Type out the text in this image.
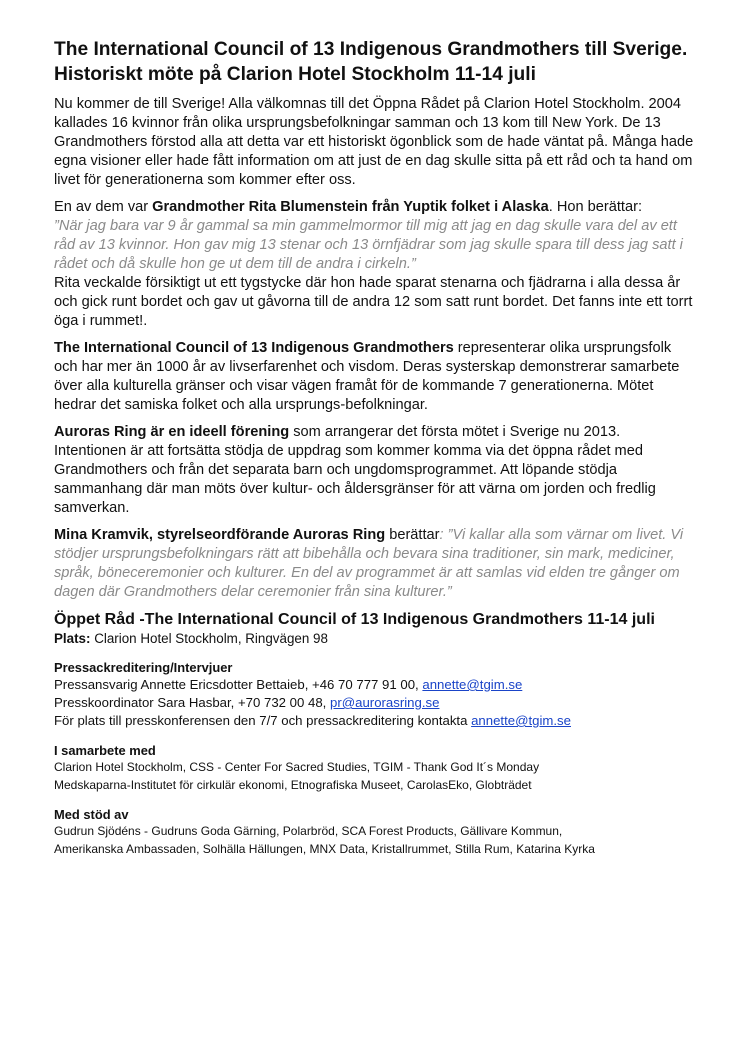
The International Council of 13 Indigenous Grandmothers till Sverige. Historiskt möte på Clarion Hotel Stockholm 11-14 juli

Nu kommer de till Sverige! Alla välkomnas till det Öppna Rådet på Clarion Hotel Stockholm. 2004 kallades 16 kvinnor från olika ursprungsbefolkningar samman och 13 kom till New York. De 13 Grandmothers förstod alla att detta var ett historiskt ögonblick som de hade väntat på. Många hade egna visioner eller hade fått information om att just de en dag skulle sitta på ett råd och ta hand om livet för generationerna som kommer efter oss.

En av dem var Grandmother Rita Blumenstein från Yuptik folket i Alaska. Hon berättar:

”När jag bara var 9 år gammal sa min gammelmormor till mig att jag en dag skulle vara del av ett råd av 13 kvinnor. Hon gav mig 13 stenar och 13 örnfjädrar som jag skulle spara till dess jag satt i rådet och då skulle hon ge ut dem till de andra i cirkeln.”

Rita veckalde försiktigt ut ett tygstycke där hon hade sparat stenarna och fjädrarna i alla dessa år och gick runt bordet och gav ut gåvorna till de andra 12 som satt runt bordet. Det fanns inte ett torrt öga i rummet!.

The International Council of 13 Indigenous Grandmothers representerar olika ursprungsfolk och har mer än 1000 år av livserfarenhet och visdom. Deras systerskap demonstrerar samarbete över alla kulturella gränser och visar vägen framåt för de kommande 7 generationerna. Mötet hedrar det samiska folket och alla ursprungs-befolkningar.

Auroras Ring är en ideell förening som arrangerar det första mötet i Sverige nu 2013. Intentionen är att fortsätta stödja de uppdrag som kommer komma via det öppna rådet med Grandmothers och från det separata barn och ungdomsprogrammet. Att löpande stödja sammanhang där man möts över kultur- och åldersgränser för att värna om jorden och fredlig samverkan.

Mina Kramvik, styrelseordförande Auroras Ring berättar: ”Vi kallar alla som värnar om livet. Vi stödjer ursprungsbefolkningars rätt att bibehålla och bevara sina traditioner, sin mark, mediciner, språk, böneceremonier och kulturer. En del av programmet är att samlas vid elden tre gånger om dagen där Grandmothers delar ceremonier från sina kulturer.”

Öppet Råd -The International Council of 13 Indigenous Grandmothers 11-14 juli

Plats: Clarion Hotel Stockholm, Ringvägen 98

Pressackreditering/Intervjuer

Pressansvarig Annette Ericsdotter Bettaieb, +46 70 777 91 00, annette@tgim.se

Presskoordinator Sara Hasbar, +70 732 00 48, pr@aurorasring.se

För plats till presskonferensen den 7/7 och pressackreditering kontakta annette@tgim.se

I samarbete med

Clarion Hotel Stockholm, CSS - Center For Sacred Studies, TGIM - Thank God It´s Monday

Medskaparna-Institutet för cirkulär ekonomi, Etnografiska Museet, CarolasEko, Globträdet

Med stöd av

Gudrun Sjödéns - Gudruns Goda Gärning, Polarbröd, SCA Forest Products, Gällivare Kommun,

Amerikanska Ambassaden, Solhälla Hällungen, MNX Data, Kristallrummet, Stilla Rum, Katarina Kyrka
